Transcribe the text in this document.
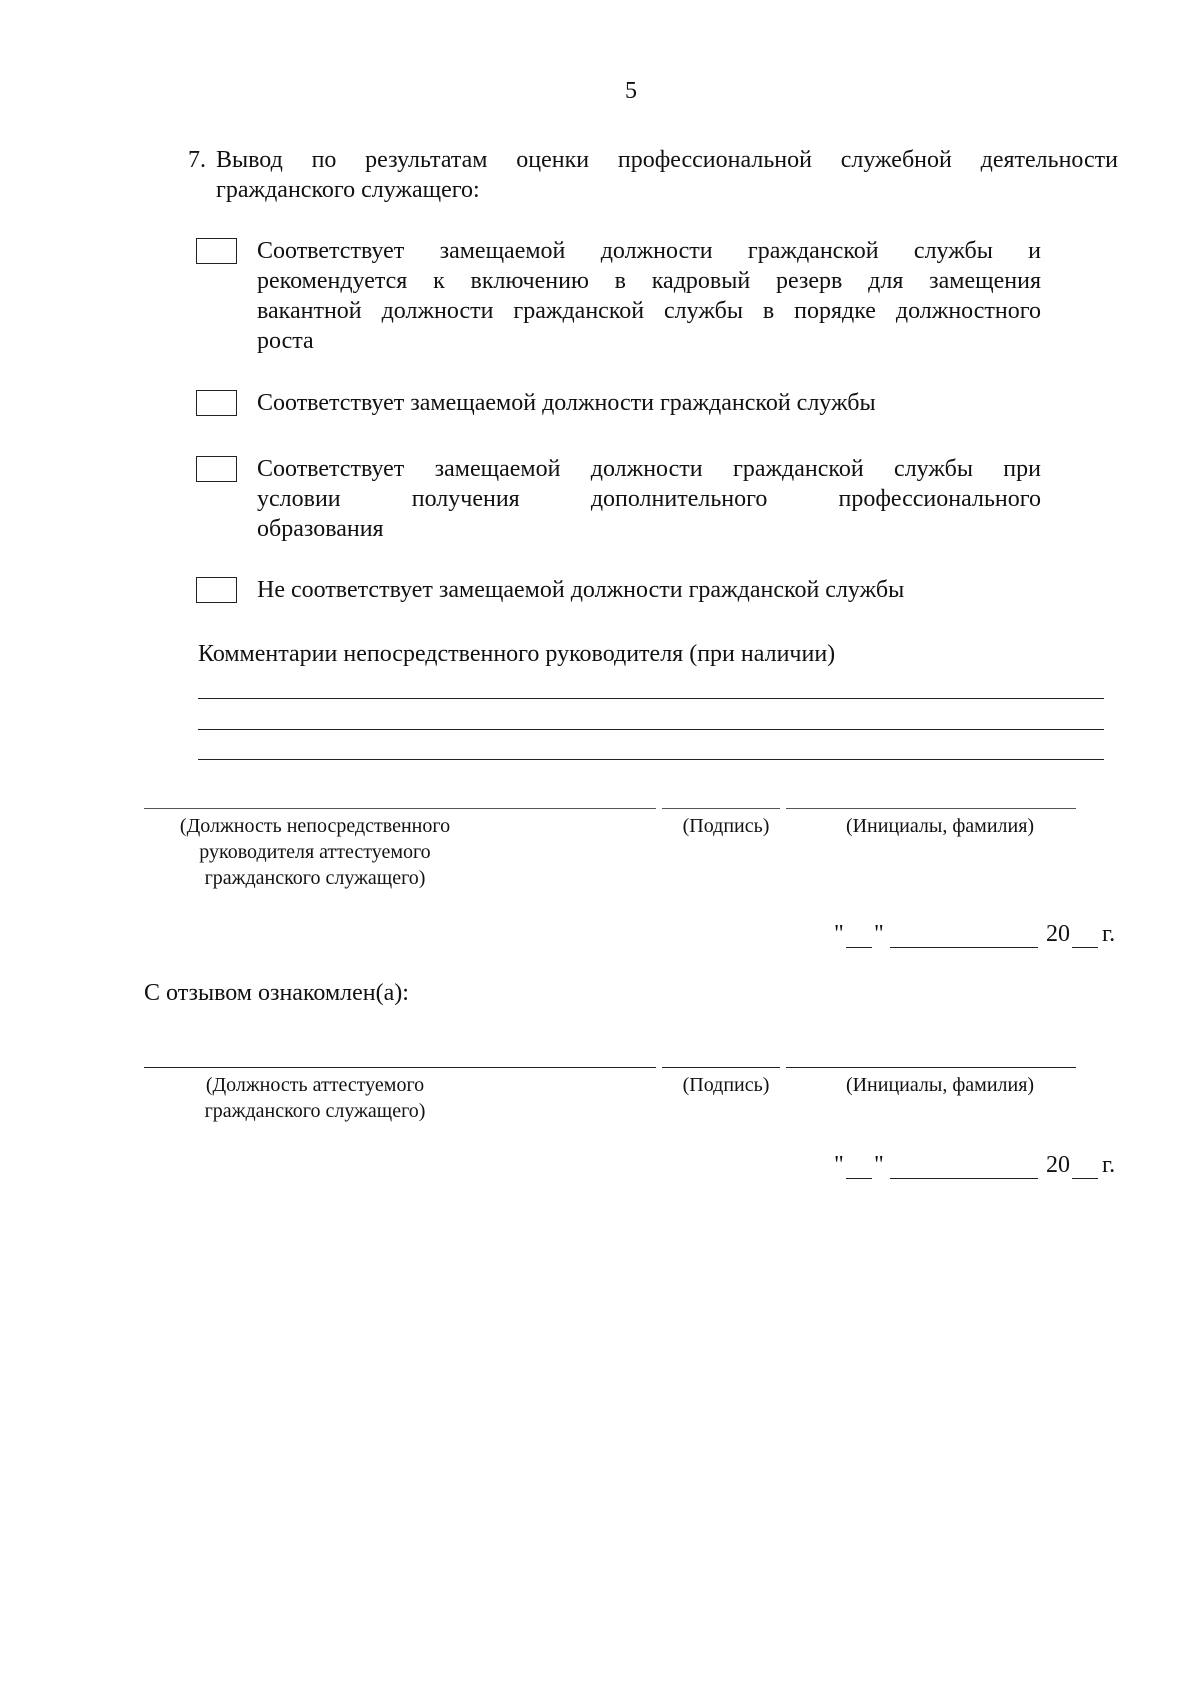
5
7. Вывод по результатам оценки профессиональной служебной деятельности
гражданского служащего:
Соответствует замещаемой должности гражданской службы и
рекомендуется к включению в кадровый резерв для замещения
вакантной должности гражданской службы в порядке должностного
роста
Соответствует замещаемой должности гражданской службы
Соответствует замещаемой должности гражданской службы при
условии получения дополнительного профессионального
образования
Не соответствует замещаемой должности гражданской службы
Комментарии непосредственного руководителя (при наличии)
(Должность непосредственного
руководителя аттестуемого
гражданского служащего)
(Подпись)	(Инициалы, фамилия)
" "	20 г.
С отзывом ознакомлен(а):
(Должность аттестуемого
гражданского служащего)
(Подпись)	(Инициалы, фамилия)
" "	20 г.
